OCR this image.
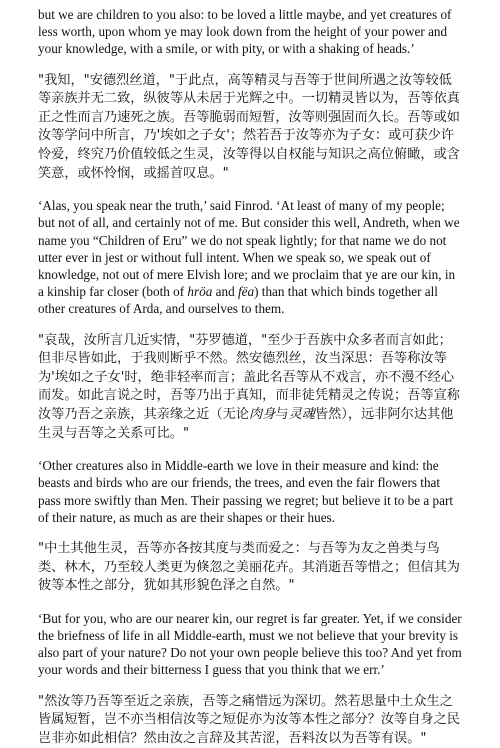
but we are children to you also: to be loved a little maybe, and yet creatures of less worth, upon whom ye may look down from the height of your power and your knowledge, with a smile, or with pity, or with a shaking of heads.’

"我知，"安德烈丝道，"于此点，高等精灵与吾等于世间所遇之汝等较低等亲族并无二致，纵彼等从未居于光辉之中。一切精灵皆以为，吾等依真正之性而言乃速死之族。吾等脆弱而短暂，汝等则强固而久长。吾等或如汝等学问中所言，乃'埃如之子女'；然若吾于汝等亦为子女：或可获少许怜爱，终究乃价值较低之生灵，汝等得以自权能与知识之高位俯瞰，或含笑意，或怀怜悯，或摇首叹息。"

‘Alas, you speak near the truth,’ said Finrod. ‘At least of many of my people; but not of all, and certainly not of me. But consider this well, Andreth, when we name you “Children of Eru” we do not speak lightly; for that name we do not utter ever in jest or without full intent. When we speak so, we speak out of knowledge, not out of mere Elvish lore; and we proclaim that ye are our kin, in a kinship far closer (both of hröa and fëa) than that which binds together all other creatures of Arda, and ourselves to them.

"哀哉，汝所言几近实情，"芬罗德道，"至少于吾族中众多者而言如此；但非尽皆如此，于我则断乎不然。然安德烈丝，汝当深思：吾等称汝等为'埃如之子女'时，绝非轻率而言；盖此名吾等从不戏言，亦不漫不经心而发。如此言说之时，吾等乃出于真知，而非徒凭精灵之传说；吾等宣称汝等乃吾之亲族，其亲缘之近（无论肉身与灵魂皆然），远非阿尔达其他生灵与吾等之关系可比。"

‘Other creatures also in Middle-earth we love in their measure and kind: the beasts and birds who are our friends, the trees, and even the fair flowers that pass more swiftly than Men. Their passing we regret; but believe it to be a part of their nature, as much as are their shapes or their hues.

"中土其他生灵，吾等亦各按其度与类而爱之：与吾等为友之兽类与鸟类、林木，乃至较人类更为倏忽之美丽花卉。其消逝吾等惜之；但信其为彼等本性之部分，犹如其形貌色泽之自然。"

‘But for you, who are our nearer kin, our regret is far greater. Yet, if we consider the briefness of life in all Middle-earth, must we not believe that your brevity is also part of your nature? Do not your own people believe this too? And yet from your words and their bitterness I guess that you think that we err.’

"然汝等乃吾等至近之亲族，吾等之痛惜远为深切。然若思量中土众生之皆属短暂，岂不亦当相信汝等之短促亦为汝等本性之部分？汝等自身之民岂非亦如此相信？然由汝之言辞及其苦涩，吾料汝以为吾等有误。"
